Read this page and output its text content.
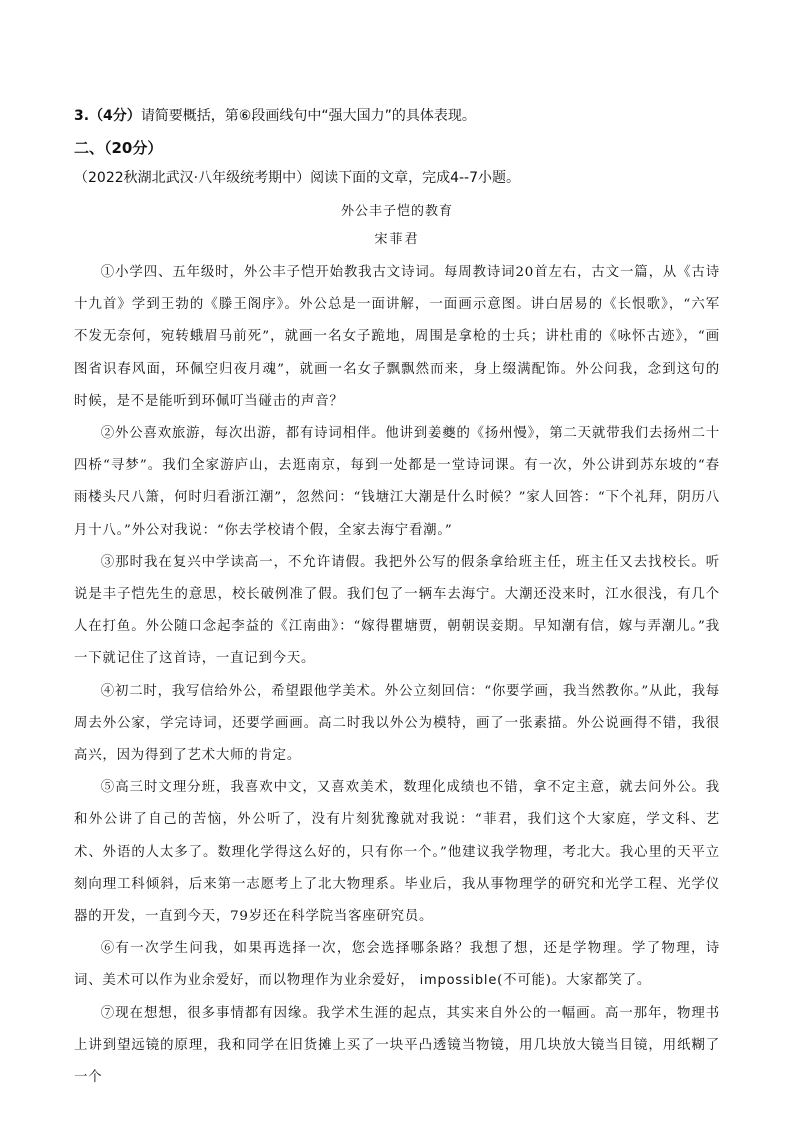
3.（4分）请简要概括，第⑥段画线句中“强大国力”的具体表现。
二、（20分）
（2022秋湖北武汉·八年级统考期中）阅读下面的文章，完成4--7小题。
外公丰子恺的教育
宋菲君

①小学四、五年级时，外公丰子恺开始教我古文诗词。每周教诗词20首左右，古文一篇，从《古诗十九首》学到王勃的《滕王阁序》。外公总是一面讲解，一面画示意图。讲白居易的《长恨歌》，“六军不发无奈何，宛转蛾眉马前死”，就画一名女子跪地，周围是拿枪的士兵；讲杜甫的《咏怀古迹》，“画图省识春风面，环佩空归夜月魂”，就画一名女子飘飘然而来，身上缀满配饰。外公问我，念到这句的时候，是不是能听到环佩叮当碰击的声音？

②外公喜欢旅游，每次出游，都有诗词相伴。他讲到姜夔的《扬州慢》，第二天就带我们去扬州二十四桥“寻梦”。我们全家游庐山，去逛南京，每到一处都是一堂诗词课。有一次，外公讲到苏东坡的“春雨楼头尺八箫，何时归看浙江潮”，忽然问：“钱塘江大潮是什么时候？”家人回答：“下个礼拜，阴历八月十八。”外公对我说：“你去学校请个假，全家去海宁看潮。”

③那时我在复兴中学读高一，不允许请假。我把外公写的假条拿给班主任，班主任又去找校长。听说是丰子恺先生的意思，校长破例准了假。我们包了一辆车去海宁。大潮还没来时，江水很浅，有几个人在打鱼。外公随口念起李益的《江南曲》：“嫁得瞿塘贾，朝朝误妾期。早知潮有信，嫁与弄潮儿。”我一下就记住了这首诗，一直记到今天。

④初二时，我写信给外公，希望跟他学美术。外公立刻回信：“你要学画，我当然教你。”从此，我每周去外公家，学完诗词，还要学画画。高二时我以外公为模特，画了一张素描。外公说画得不错，我很高兴，因为得到了艺术大师的肯定。

⑤高三时文理分班，我喜欢中文，又喜欢美术，数理化成绩也不错，拿不定主意，就去问外公。我和外公讲了自己的苦恼，外公听了，没有片刻犹豫就对我说：“菲君，我们这个大家庭，学文科、艺术、外语的人太多了。数理化学得这么好的，只有你一个。”他建议我学物理，考北大。我心里的天平立刻向理工科倾斜，后来第一志愿考上了北大物理系。毕业后，我从事物理学的研究和光学工程、光学仪器的开发，一直到今天，79岁还在科学院当客座研究员。

⑥有一次学生问我，如果再选择一次，您会选择哪条路？我想了想，还是学物理。学了物理，诗词、美术可以作为业余爱好，而以物理作为业余爱好， impossible(不可能)。大家都笑了。

⑦现在想想，很多事情都有因缘。我学术生涯的起点，其实来自外公的一幅画。高一那年，物理书上讲到望远镜的原理，我和同学在旧货摊上买了一块平凸透镜当物镜，用几块放大镜当目镜，用纸糊了一个
